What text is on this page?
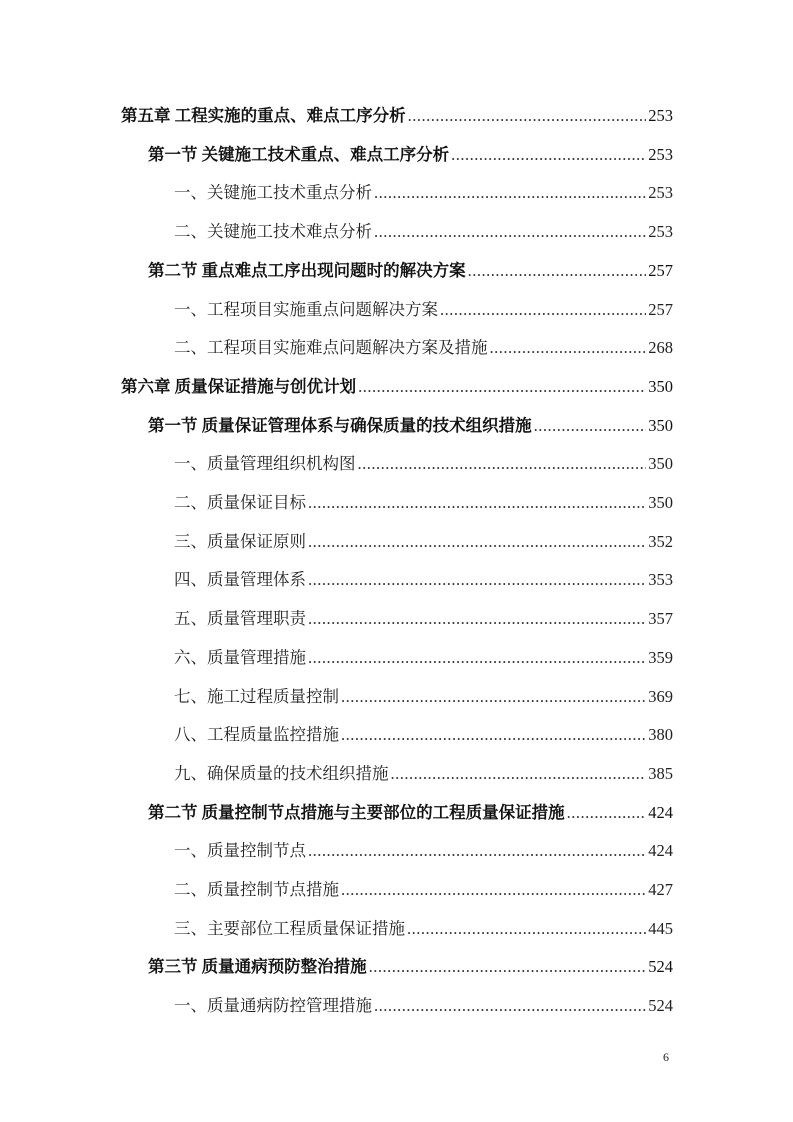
第五章 工程实施的重点、难点工序分析 .....	253
第一节 关键施工技术重点、难点工序分析 .....	253
一、关键施工技术重点分析 .....	253
二、关键施工技术难点分析 .....	253
第二节 重点难点工序出现问题时的解决方案 .....	257
一、工程项目实施重点问题解决方案 .....	257
二、工程项目实施难点问题解决方案及措施 .....	268
第六章 质量保证措施与创优计划 .....	350
第一节 质量保证管理体系与确保质量的技术组织措施 .....	350
一、质量管理组织机构图 .....	350
二、质量保证目标 .....	350
三、质量保证原则 .....	352
四、质量管理体系 .....	353
五、质量管理职责 .....	357
六、质量管理措施 .....	359
七、施工过程质量控制 .....	369
八、工程质量监控措施 .....	380
九、确保质量的技术组织措施 .....	385
第二节 质量控制节点措施与主要部位的工程质量保证措施 .....	424
一、质量控制节点 .....	424
二、质量控制节点措施 .....	427
三、主要部位工程质量保证措施 .....	445
第三节 质量通病预防整治措施 .....	524
一、质量通病防控管理措施 .....	524
6
